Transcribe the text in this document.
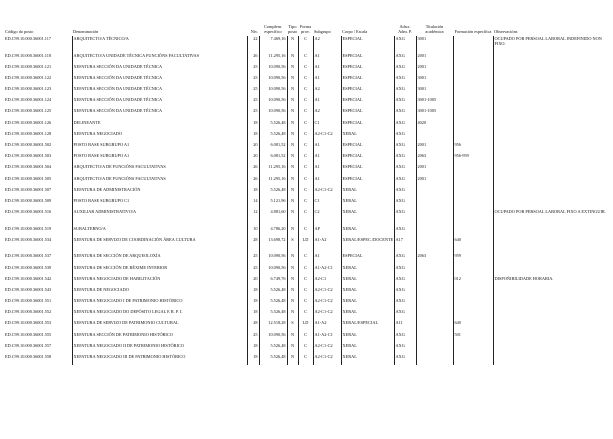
Código do posto	Denominación	Nív.	Complem. específico	Tipo posto	Forma prov.	Subgrupo	Corpo / Escala	Adscr. Adm. P.	Titulación académica	Formación específica	Observacións
ED.C99.10.000.36001.117	ARQUITECTO/A TÉCNICO/A	22	7.469,16	N	C	A2	ESPECIAL	AXG	3001		OCUPADO POR PERSOAL LABORAL INDEFINIDO NON FIXO.
ED.C99.10.000.36001.118	ARQUITECTO/A UNIDADE TÉCNICA FUNCIÓNS FACULTATIVAS	26	11.295,16	N	C	A1	ESPECIAL	AXG	2001		
ED.C99.10.000.36001.121	XEFATURA SECCIÓN DA UNIDADE TÉCNICA	25	10.090,56	N	C	A1	ESPECIAL	AXG	2001		
ED.C99.10.000.36001.122	XEFATURA SECCIÓN DA UNIDADE TÉCNICA	25	10.090,56	N	C	A1	ESPECIAL	AXG	3001		
ED.C99.10.000.36001.123	XEFATURA SECCIÓN DA UNIDADE TÉCNICA	25	10.090,56	N	C	A2	ESPECIAL	AXG	3001		
ED.C99.10.000.36001.124	XEFATURA SECCIÓN DA UNIDADE TÉCNICA	25	10.090,56	N	C	A1	ESPECIAL	AXG	3001-1005		
ED.C99.10.000.36001.125	XEFATURA SECCIÓN DA UNIDADE TÉCNICA	25	10.090,56	N	C	A2	ESPECIAL	AXG	3001-1005		
ED.C99.10.000.36001.126	DELINEANTE	18	5.526,48	N	C	C1	ESPECIAL	AXG	4020		
ED.C99.10.000.36001.128	XEFATURA NEGOCIADO	18	5.526,48	N	C	A2-C1-C2	XERAL	AXG			
ED.C99.10.000.36001.502	POSTO BASE SUBGRUPO A1	20	6.081,52	N	C	A1	ESPECIAL	AXG	2001	956	
ED.C99.10.000.36001.503	POSTO BASE SUBGRUPO A1	20	6.081,52	N	C	A1	ESPECIAL	AXG	2063	956-959	
ED.C99.10.000.36001.504	ARQUITECTO/A DE FUNCIÓNS FACULTATIVAS	26	11.295,16	N	C	A1	ESPECIAL	AXG	2001		
ED.C99.10.000.36001.505	ARQUITECTO/A DE FUNCIÓNS FACULTATIVAS	26	11.295,16	N	C	A1	ESPECIAL	AXG	2001		
ED.C99.10.000.36001.507	XEFATURA DE ADMINISTRACIÓN	18	5.526,48	N	C	A2-C1-C2	XERAL	AXG			
ED.C99.10.000.36001.509	POSTO BASE SUBGRUPO C1	14	5.121,96	N	C	C1	XERAL	AXG			
ED.C99.10.000.36001.516	AUXILIAR ADMINISTRATIVO/A	12	4.881,60	N	C	C2	XERAL	AXG			OCUPADO POR PERSOAL LABORAL FIXO A EXTINGUIR.
ED.C99.10.000.36001.519	SUBALTERNO/A	10	4.786,20	N	C	AP	XERAL	AXG			
ED.C99.10.000.36001.534	XEFATURA DE SERVIZO DE COORDINACIÓN ÁREA CULTURA	28	13.698,72	S	LD	A1-A2	XERAL/ESPEC./DOCENTE	A17		640	
ED.C99.10.000.36001.537	XEFATURA DE SECCIÓN DE ARQUEOLOXÍA	25	10.090,56	N	C	A1	ESPECIAL	AXG	2063	959	
ED.C99.10.000.36001.539	XEFATURA DE SECCIÓN DE RÉXIME INTERIOR	25	10.090,56	N	C	A1-A2-C1	XERAL	AXG			
ED.C99.10.000.36001.542	XEFATURA NEGOCIADO DE HABILITACIÓN	20	6.749,76	N	C	A2-C1	XERAL	AXG		012	DISPOÑIBILIDADE HORARIA.
ED.C99.10.000.36001.543	XEFATURA DE NEGOCIADO	18	5.526,48	N	C	A2-C1-C2	XERAL	AXG			
ED.C99.10.000.36001.551	XEFATURA NEGOCIADO I DE PATRIMONIO HISTÓRICO	18	5.526,48	N	C	A2-C1-C2	XERAL	AXG			
ED.C99.10.000.36001.552	XEFATURA NEGOCIADO DO DEPÓSITO LEGAL E R. P. I.	18	5.526,48	N	C	A2-C1-C2	XERAL	AXG			
ED.C99.10.000.36001.553	XEFATURA DE SERVIZO DE PATRIMONIO CULTURAL	28	12.518,28	S	LD	A1-A2	XERAL/ESPECIAL	A11		640	
ED.C99.10.000.36001.555	XEFATURA SECCIÓN DE PATRIMONIO HISTÓRICO	25	10.090,56	N	C	A1-A2-C1	XERAL	AXG		501	
ED.C99.10.000.36001.557	XEFATURA NEGOCIADO II DE PATRIMONIO HISTÓRICO	18	5.526,48	N	C	A2-C1-C2	XERAL	AXG			
ED.C99.10.000.36001.558	XEFATURA NEGOCIADO III DE PATRIMONIO HISTÓRICO	18	5.526,48	N	C	A2-C1-C2	XERAL	AXG			
